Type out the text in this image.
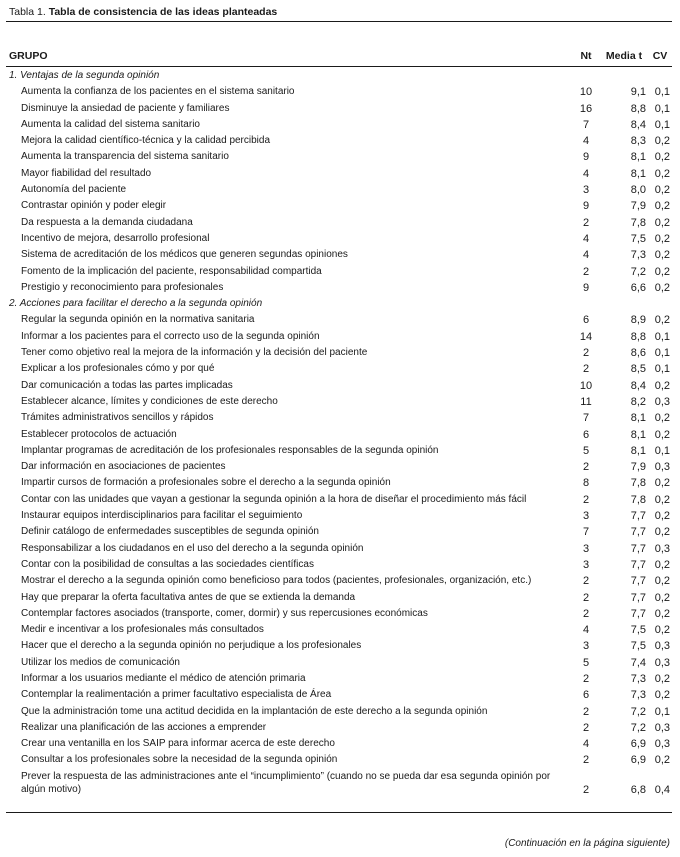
Tabla 1. Tabla de consistencia de las ideas planteadas
GRUPO	Nt	Media t	CV
1. Ventajas de la segunda opinión
Aumenta la confianza de los pacientes en el sistema sanitario	10	9,1 0,1
Disminuye la ansiedad de paciente y familiares	16	8,8 0,1
Aumenta la calidad del sistema sanitario	7	8,4 0,1
Mejora la calidad científico-técnica y la calidad percibida	4	8,3 0,2
Aumenta la transparencia del sistema sanitario	9	8,1 0,2
Mayor fiabilidad del resultado	4	8,1 0,2
Autonomía del paciente	3	8,0 0,2
Contrastar opinión y poder elegir	9	7,9 0,2
Da respuesta a la demanda ciudadana	2	7,8 0,2
Incentivo de mejora, desarrollo profesional	4	7,5 0,2
Sistema de acreditación de los médicos que generen segundas opiniones	4	7,3 0,2
Fomento de la implicación del paciente, responsabilidad compartida	2	7,2 0,2
Prestigio y reconocimiento para profesionales	9	6,6 0,2
2. Acciones para facilitar el derecho a la segunda opinión
Regular la segunda opinión en la normativa sanitaria	6	8,9 0,2
Informar a los pacientes para el correcto uso de la segunda opinión	14	8,8 0,1
Tener como objetivo real la mejora de la información y la decisión del paciente	2	8,6 0,1
Explicar a los profesionales cómo y por qué	2	8,5 0,1
Dar comunicación a todas las partes implicadas	10	8,4 0,2
Establecer alcance, límites y condiciones de este derecho	11	8,2 0,3
Trámites administrativos sencillos y rápidos	7	8,1 0,2
Establecer protocolos de actuación	6	8,1 0,2
Implantar programas de acreditación de los profesionales responsables de la segunda opinión	5	8,1 0,1
Dar información en asociaciones de pacientes	2	7,9 0,3
Impartir cursos de formación a profesionales sobre el derecho a la segunda opinión	8	7,8 0,2
Contar con las unidades que vayan a gestionar la segunda opinión a la hora de diseñar el procedimiento más fácil	2	7,8 0,2
Instaurar equipos interdisciplinarios para facilitar el seguimiento	3	7,7 0,2
Definir catálogo de enfermedades susceptibles de segunda opinión	7	7,7 0,2
Responsabilizar a los ciudadanos en el uso del derecho a la segunda opinión	3	7,7 0,3
Contar con la posibilidad de consultas a las sociedades científicas	3	7,7 0,2
Mostrar el derecho a la segunda opinión como beneficioso para todos (pacientes, profesionales, organización, etc.)	2	7,7 0,2
Hay que preparar la oferta facultativa antes de que se extienda la demanda	2	7,7 0,2
Contemplar factores asociados (transporte, comer, dormir) y sus repercusiones económicas	2	7,7 0,2
Medir e incentivar a los profesionales más consultados	4	7,5 0,2
Hacer que el derecho a la segunda opinión no perjudique a los profesionales	3	7,5 0,3
Utilizar los medios de comunicación	5	7,4 0,3
Informar a los usuarios mediante el médico de atención primaria	2	7,3 0,2
Contemplar la realimentación a primer facultativo especialista de Área	6	7,3 0,2
Que la administración tome una actitud decidida en la implantación de este derecho a la segunda opinión	2	7,2 0,1
Realizar una planificación de las acciones a emprender	2	7,2 0,3
Crear una ventanilla en los SAIP para informar acerca de este derecho	4	6,9 0,3
Consultar a los profesionales sobre la necesidad de la segunda opinión	2	6,9 0,2
Prever la respuesta de las administraciones ante el “incumplimiento” (cuando no se pueda dar esa segunda opinión por algún motivo)	2	6,8 0,4
(Continuación en la página siguiente)
